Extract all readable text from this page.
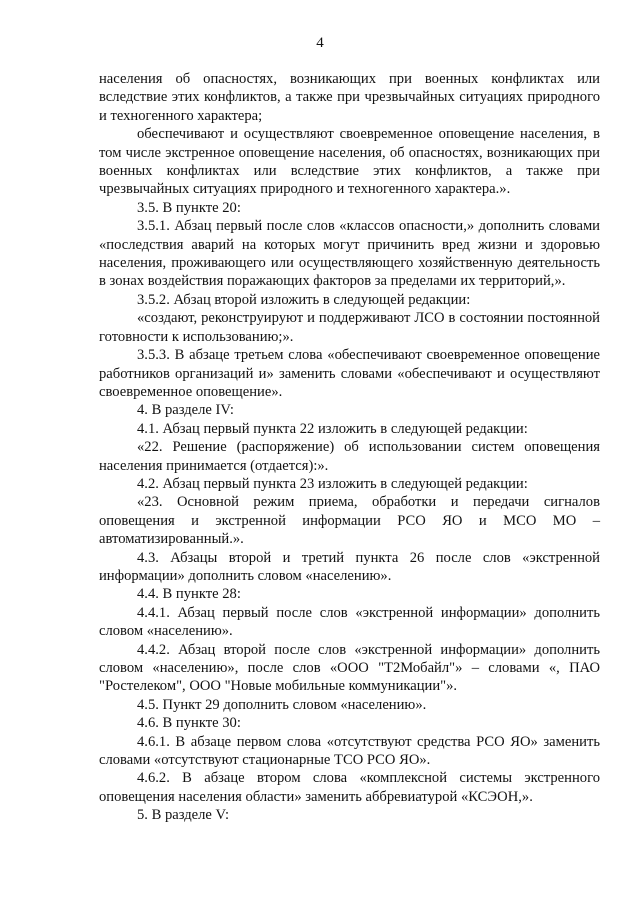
4

населения об опасностях, возникающих при военных конфликтах или вследствие этих конфликтов, а также при чрезвычайных ситуациях природного и техногенного характера;

обеспечивают и осуществляют своевременное оповещение населения, в том числе экстренное оповещение населения, об опасностях, возникающих при военных конфликтах или вследствие этих конфликтов, а также при чрезвычайных ситуациях природного и техногенного характера.».

3.5. В пункте 20:

3.5.1. Абзац первый после слов «классов опасности,» дополнить словами «последствия аварий на которых могут причинить вред жизни и здоровью населения, проживающего или осуществляющего хозяйственную деятельность в зонах воздействия поражающих факторов за пределами их территорий,».

3.5.2. Абзац второй изложить в следующей редакции:

«создают, реконструируют и поддерживают ЛСО в состоянии постоянной готовности к использованию;».

3.5.3. В абзаце третьем слова «обеспечивают своевременное оповещение работников организаций и» заменить словами «обеспечивают и осуществляют своевременное оповещение».

4. В разделе IV:

4.1. Абзац первый пункта 22 изложить в следующей редакции:

«22. Решение (распоряжение) об использовании систем оповещения населения принимается (отдается):».

4.2. Абзац первый пункта 23 изложить в следующей редакции:

«23. Основной режим приема, обработки и передачи сигналов оповещения и экстренной информации РСО ЯО и МСО МО – автоматизированный.».

4.3. Абзацы второй и третий пункта 26 после слов «экстренной информации» дополнить словом «населению».

4.4. В пункте 28:

4.4.1. Абзац первый после слов «экстренной информации» дополнить словом «населению».

4.4.2. Абзац второй после слов «экстренной информации» дополнить словом «населению», после слов «ООО "Т2Мобайл"» – словами «, ПАО "Ростелеком", ООО "Новые мобильные коммуникации"».

4.5. Пункт 29 дополнить словом «населению».

4.6. В пункте 30:

4.6.1. В абзаце первом слова «отсутствуют средства РСО ЯО» заменить словами «отсутствуют стационарные ТСО РСО ЯО».

4.6.2. В абзаце втором слова «комплексной системы экстренного оповещения населения области» заменить аббревиатурой «КСЭОН,».

5. В разделе V:
